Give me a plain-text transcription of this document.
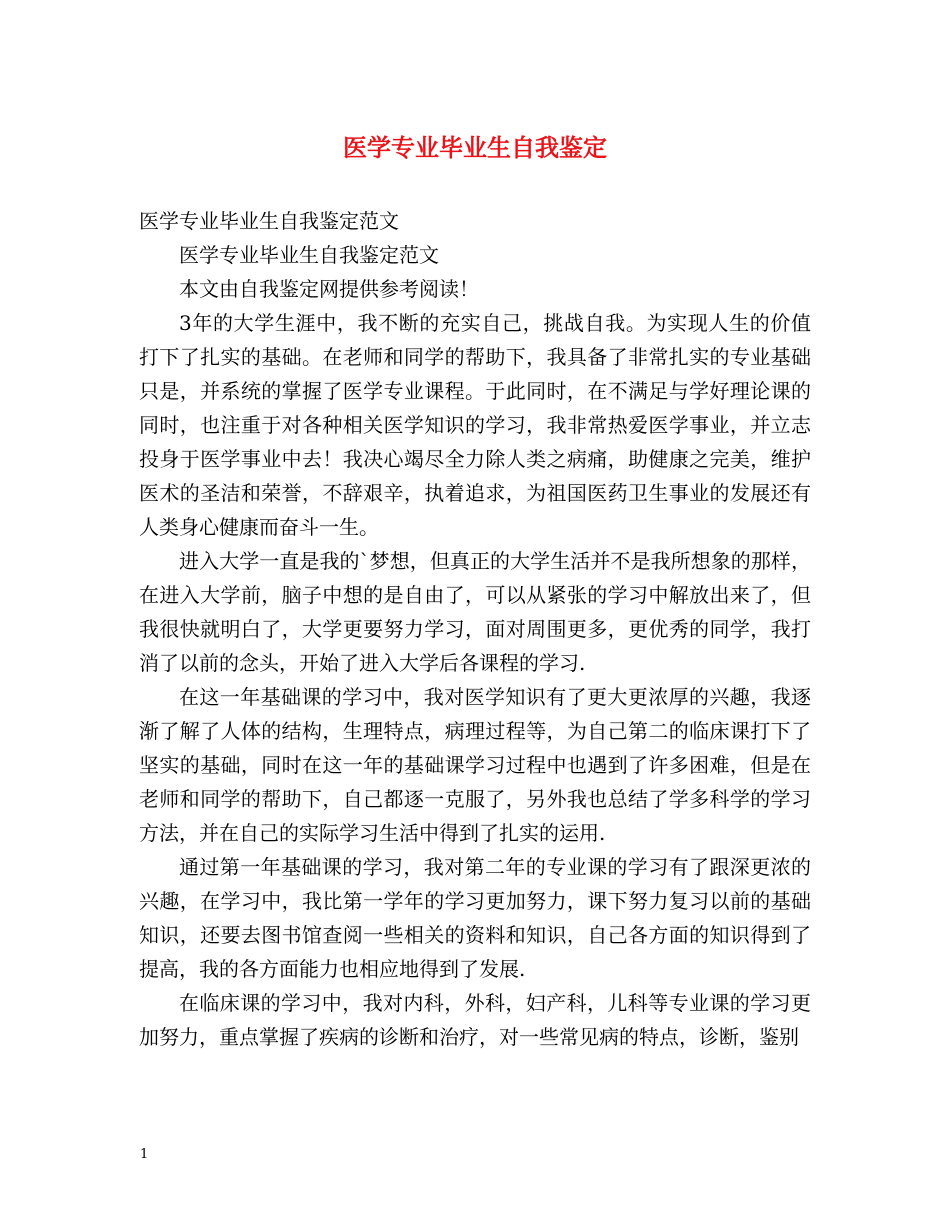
医学专业毕业生自我鉴定

医学专业毕业生自我鉴定范文

医学专业毕业生自我鉴定范文

本文由自我鉴定网提供参考阅读！

3年的大学生涯中，我不断的充实自己，挑战自我。为实现人生的价值打下了扎实的基础。在老师和同学的帮助下，我具备了非常扎实的专业基础只是，并系统的掌握了医学专业课程。于此同时，在不满足与学好理论课的同时，也注重于对各种相关医学知识的学习，我非常热爱医学事业，并立志投身于医学事业中去！我决心竭尽全力除人类之病痛，助健康之完美，维护医术的圣洁和荣誉，不辞艰辛，执着追求，为祖国医药卫生事业的发展还有人类身心健康而奋斗一生。

进入大学一直是我的`梦想，但真正的大学生活并不是我所想象的那样，在进入大学前，脑子中想的是自由了，可以从紧张的学习中解放出来了，但我很快就明白了，大学更要努力学习，面对周围更多，更优秀的同学，我打消了以前的念头，开始了进入大学后各课程的学习.

在这一年基础课的学习中，我对医学知识有了更大更浓厚的兴趣，我逐渐了解了人体的结构，生理特点，病理过程等，为自己第二的临床课打下了坚实的基础，同时在这一年的基础课学习过程中也遇到了许多困难，但是在老师和同学的帮助下，自己都逐一克服了，另外我也总结了学多科学的学习方法，并在自己的实际学习生活中得到了扎实的运用.

通过第一年基础课的学习，我对第二年的专业课的学习有了跟深更浓的兴趣，在学习中，我比第一学年的学习更加努力，课下努力复习以前的基础知识，还要去图书馆查阅一些相关的资料和知识，自己各方面的知识得到了提高，我的各方面能力也相应地得到了发展.

在临床课的学习中，我对内科，外科，妇产科，儿科等专业课的学习更加努力，重点掌握了疾病的诊断和治疗，对一些常见病的特点，诊断，鉴别

1
